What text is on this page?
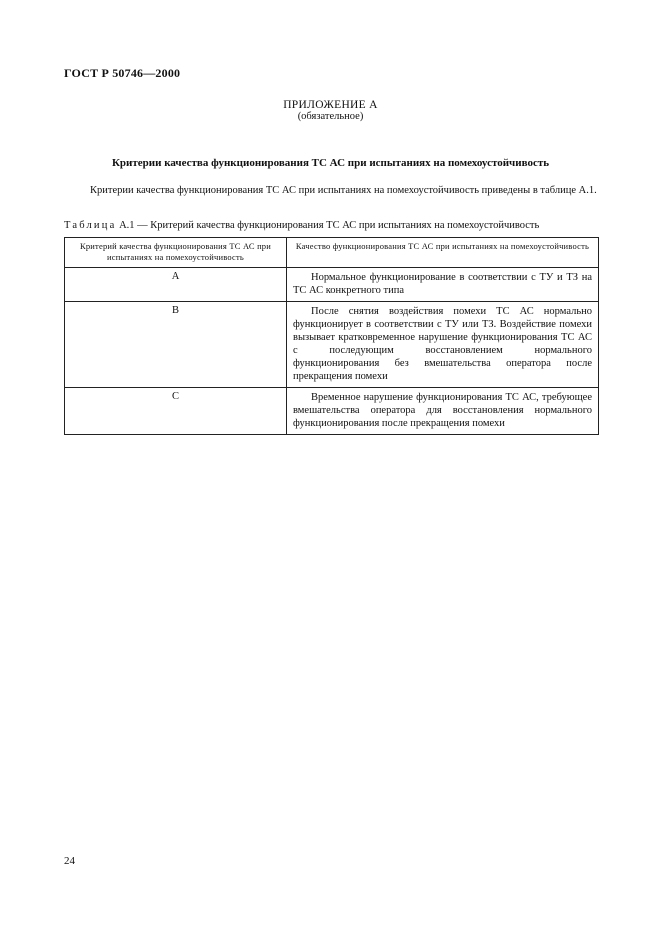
ГОСТ Р 50746—2000
ПРИЛОЖЕНИЕ А
(обязательное)
Критерии качества функционирования ТС АС при испытаниях на помехоустойчивость

Критерии качества функционирования ТС АС при испытаниях на помехоустойчивость приведены в таблице А.1.

Таблица А.1 — Критерий качества функционирования ТС АС при испытаниях на помехоустойчивость
Критерий качества функционирования ТС АС при испытаниях на помехоустойчивость	Качество функционирования ТС АС при испытаниях на помехоустойчивость
A	Нормальное функционирование в соответствии с ТУ и ТЗ на ТС АС конкретного типа
B	После снятия воздействия помехи ТС АС нормально функционирует в соответствии с ТУ или ТЗ. Воздействие помехи вызывает кратковременное нарушение функционирования ТС АС с последующим восстановлением нормального функционирования без вмешательства оператора после прекращения помехи
C	Временное нарушение функционирования ТС АС, требующее вмешательства оператора для восстановления нормального функционирования после прекращения помехи
24
